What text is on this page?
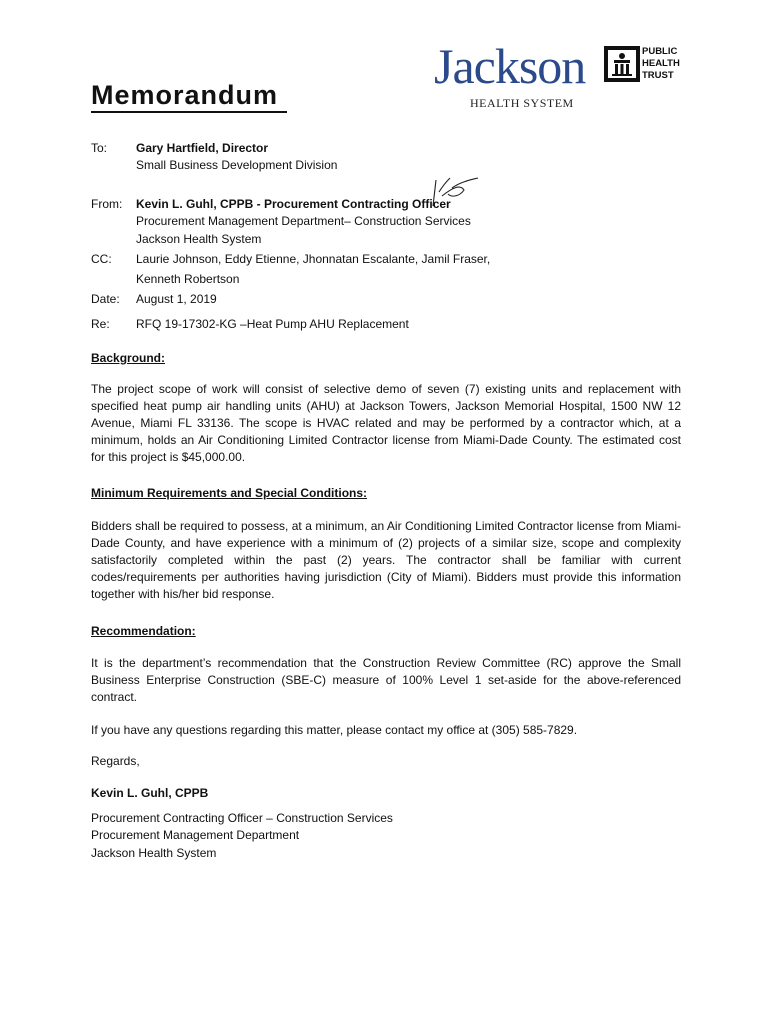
Memorandum
Jackson
HEALTH SYSTEM
PUBLIC
HEALTH
TRUST
To: Gary Hartfield, Director
Small Business Development Division
From: Kevin L. Guhl, CPPB - Procurement Contracting Officer
Procurement Management Department– Construction Services
Jackson Health System
CC: Laurie Johnson, Eddy Etienne, Jhonnatan Escalante, Jamil Fraser,
Kenneth Robertson
Date: August 1, 2019
Re: RFQ 19-17302-KG –Heat Pump AHU Replacement
Background:

The project scope of work will consist of selective demo of seven (7) existing units and replacement with specified heat pump air handling units (AHU) at Jackson Towers, Jackson Memorial Hospital, 1500 NW 12 Avenue, Miami FL 33136. The scope is HVAC related and may be performed by a contractor which, at a minimum, holds an Air Conditioning Limited Contractor license from Miami-Dade County. The estimated cost for this project is $45,000.00.

Minimum Requirements and Special Conditions:

Bidders shall be required to possess, at a minimum, an Air Conditioning Limited Contractor license from Miami-Dade County, and have experience with a minimum of (2) projects of a similar size, scope and complexity satisfactorily completed within the past (2) years. The contractor shall be familiar with current codes/requirements per authorities having jurisdiction (City of Miami). Bidders must provide this information together with his/her bid response.

Recommendation:

It is the department’s recommendation that the Construction Review Committee (RC) approve the Small Business Enterprise Construction (SBE-C) measure of 100% Level 1 set-aside for the above-referenced contract.

If you have any questions regarding this matter, please contact my office at (305) 585-7829.
Regards,
Kevin L. Guhl, CPPB
Procurement Contracting Officer – Construction Services
Procurement Management Department
Jackson Health System
